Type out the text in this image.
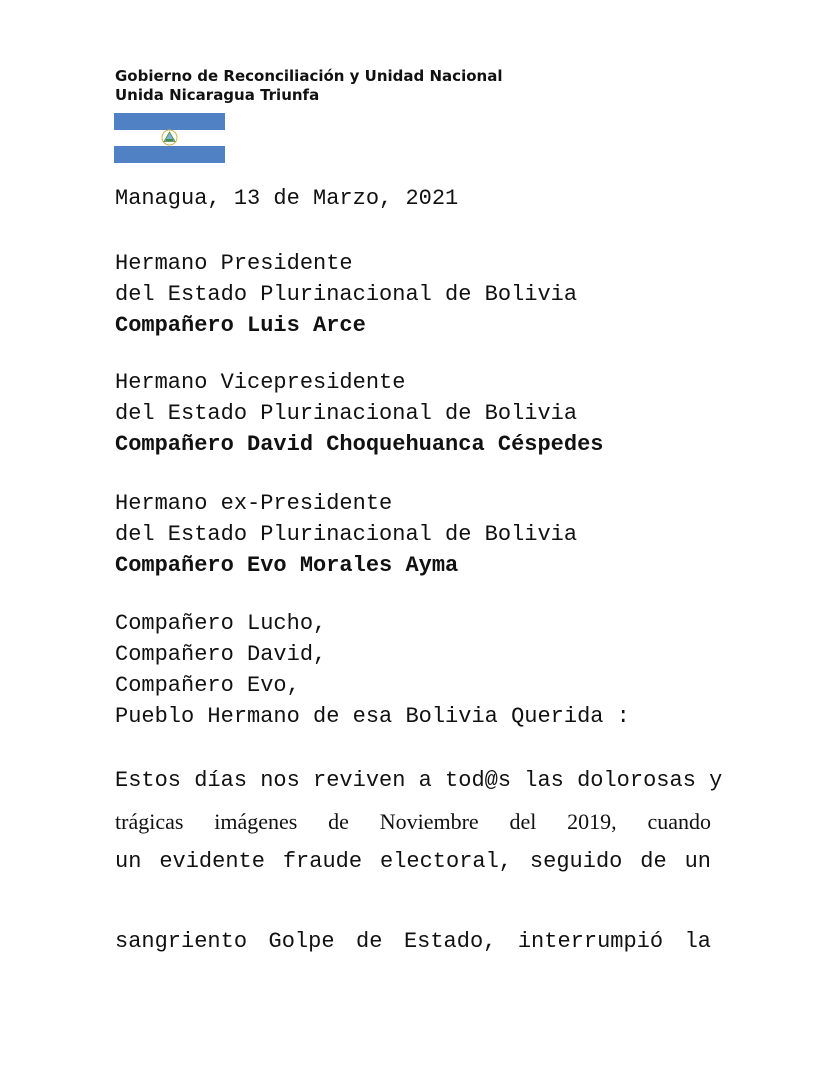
Gobierno de Reconciliación y Unidad Nacional
Unida Nicaragua Triunfa
Managua, 13 de Marzo, 2021
Hermano Presidente
del Estado Plurinacional de Bolivia
Compañero Luis Arce
Hermano Vicepresidente
del Estado Plurinacional de Bolivia
Compañero David Choquehuanca Céspedes
Hermano ex-Presidente
del Estado Plurinacional de Bolivia
Compañero Evo Morales Ayma
Compañero Lucho,
Compañero David,
Compañero Evo,
Pueblo Hermano de esa Bolivia Querida :
Estos días nos reviven a tod@s las dolorosas y
trágicas imágenes de Noviembre del 2019, cuando
un evidente fraude electoral, seguido de un
sangriento Golpe de Estado, interrumpió la
